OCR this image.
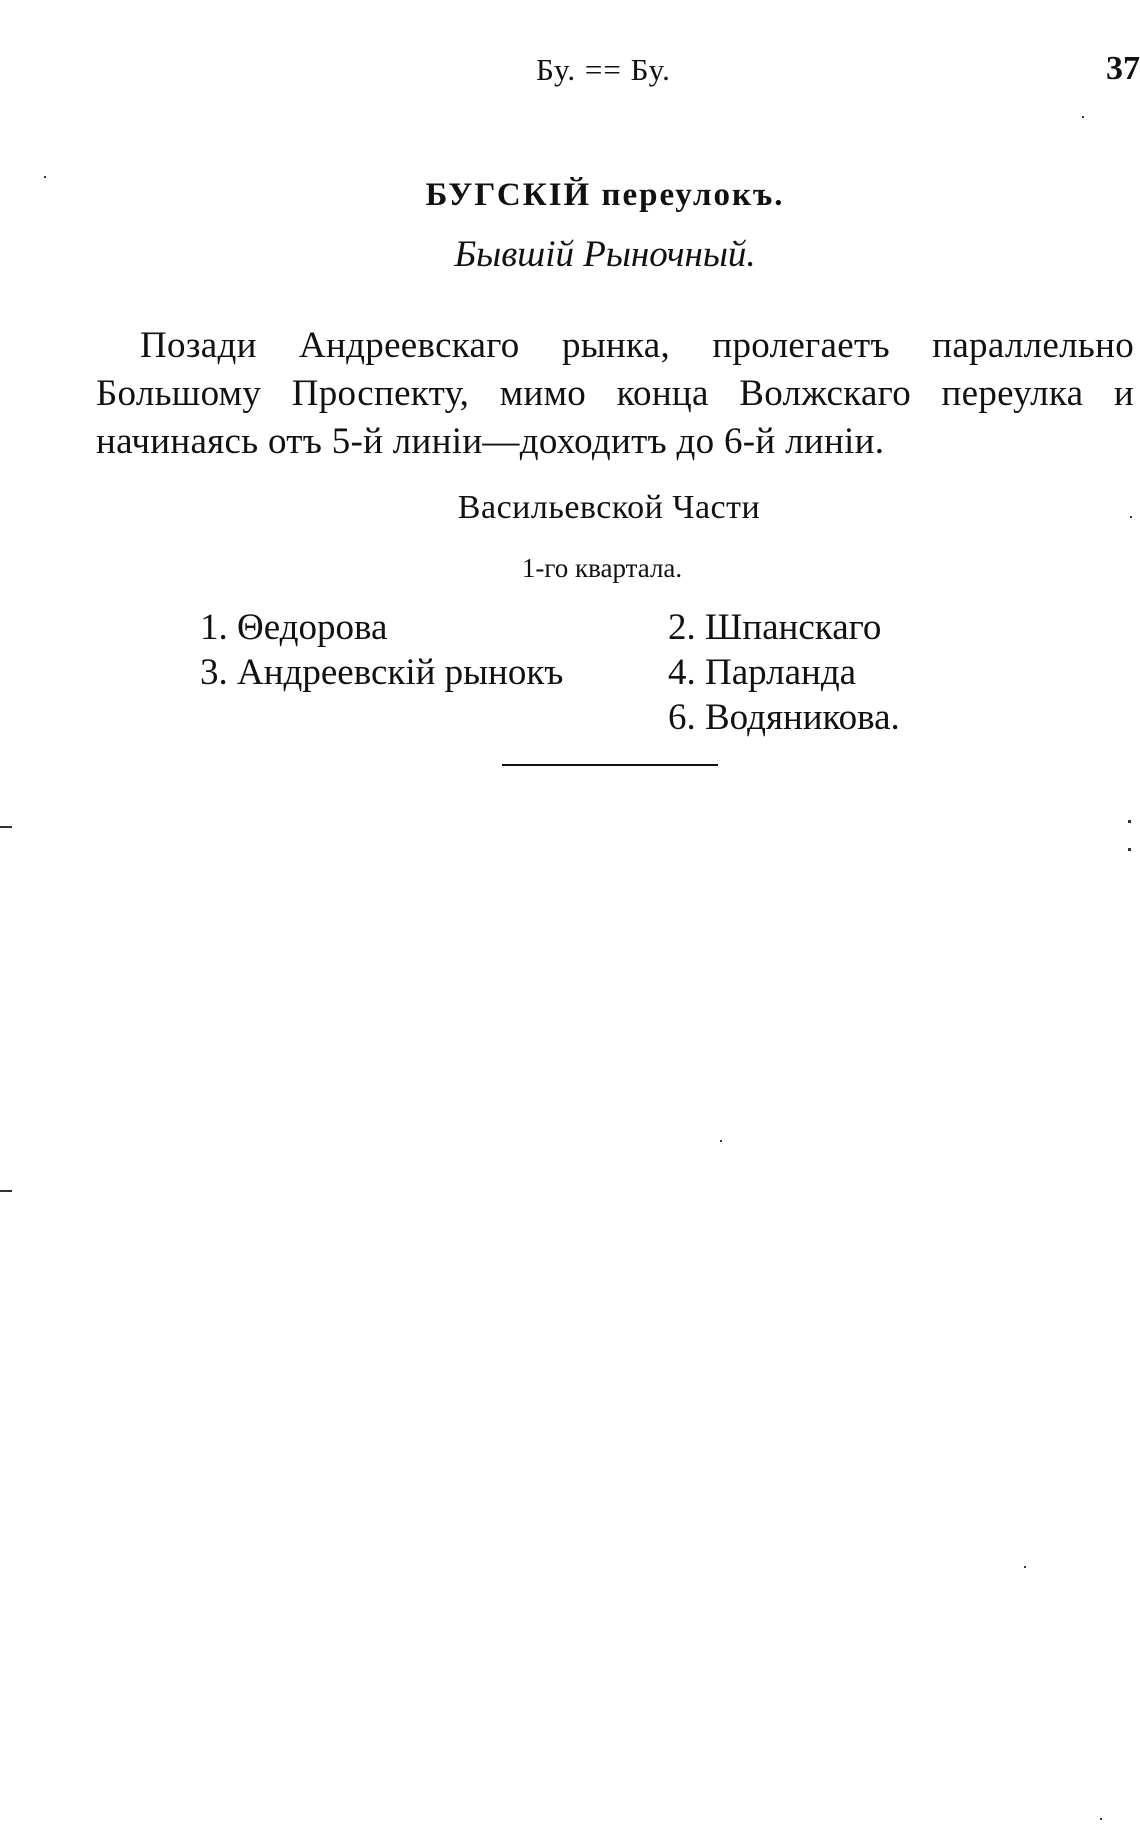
Бу. == Бу.	37
БУГСКІЙ переулокъ.
Бывшій Рыночный.
Позади Андреевскаго рынка, пролегаетъ параллельно Большому Проспекту, мимо конца Волжскаго переулка и начинаясь отъ 5-й линіи—доходитъ до 6-й линіи.
Васильевской Части
1-го квартала.
1. Θедорова
3. Андреевскій рынокъ
2. Шпанскаго
4. Парланда
6. Водяникова.
